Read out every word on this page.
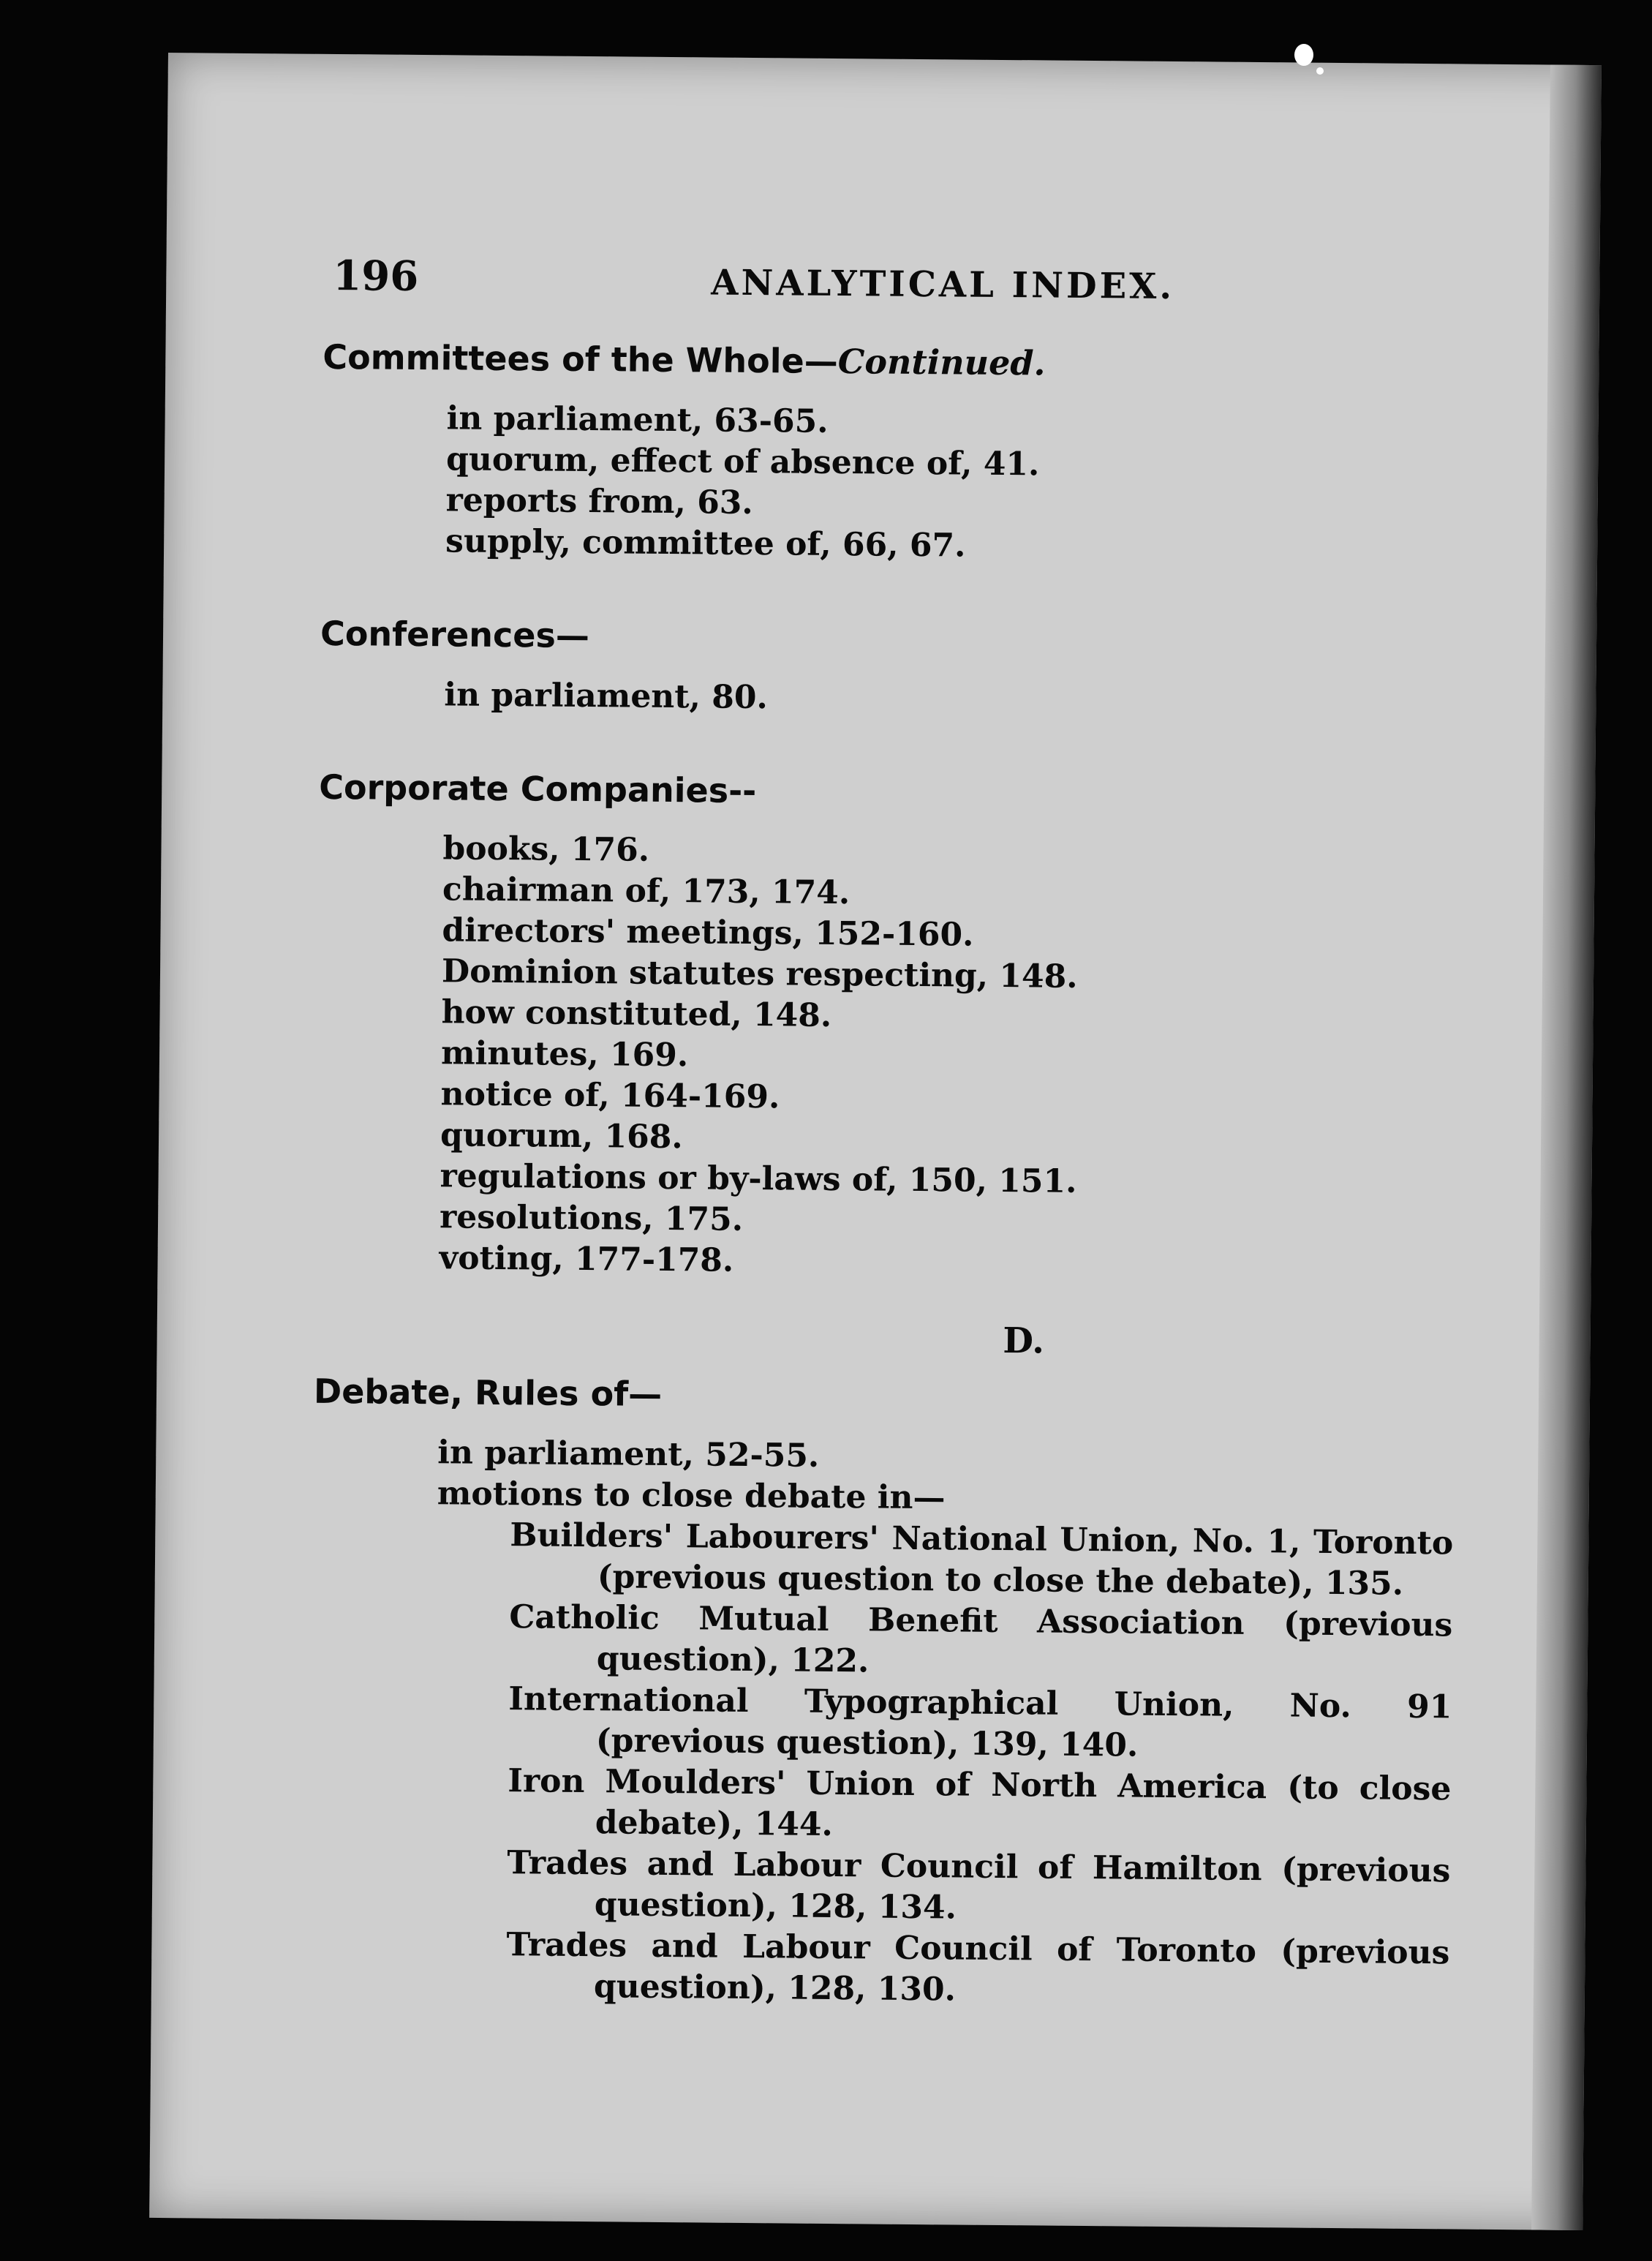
196	ANALYTICAL INDEX.
Committees of the Whole—Continued.
in parliament, 63-65.
quorum, effect of absence of, 41.
reports from, 63.
supply, committee of, 66, 67.
Conferences—
in parliament, 80.
Corporate Companies--
books, 176.
chairman of, 173, 174.
directors' meetings, 152-160.
Dominion statutes respecting, 148.
how constituted, 148.
minutes, 169.
notice of, 164-169.
quorum, 168.
regulations or by-laws of, 150, 151.
resolutions, 175.
voting, 177-178.
D.
Debate, Rules of—
in parliament, 52-55.
motions to close debate in—
Builders' Labourers' National Union, No. 1, Toronto (previous question to close the debate), 135.
Catholic Mutual Benefit Association (previous question), 122.
International Typographical Union, No. 91 (previous question), 139, 140.
Iron Moulders' Union of North America (to close debate), 144.
Trades and Labour Council of Hamilton (previous question), 128, 134.
Trades and Labour Council of Toronto (previous question), 128, 130.
